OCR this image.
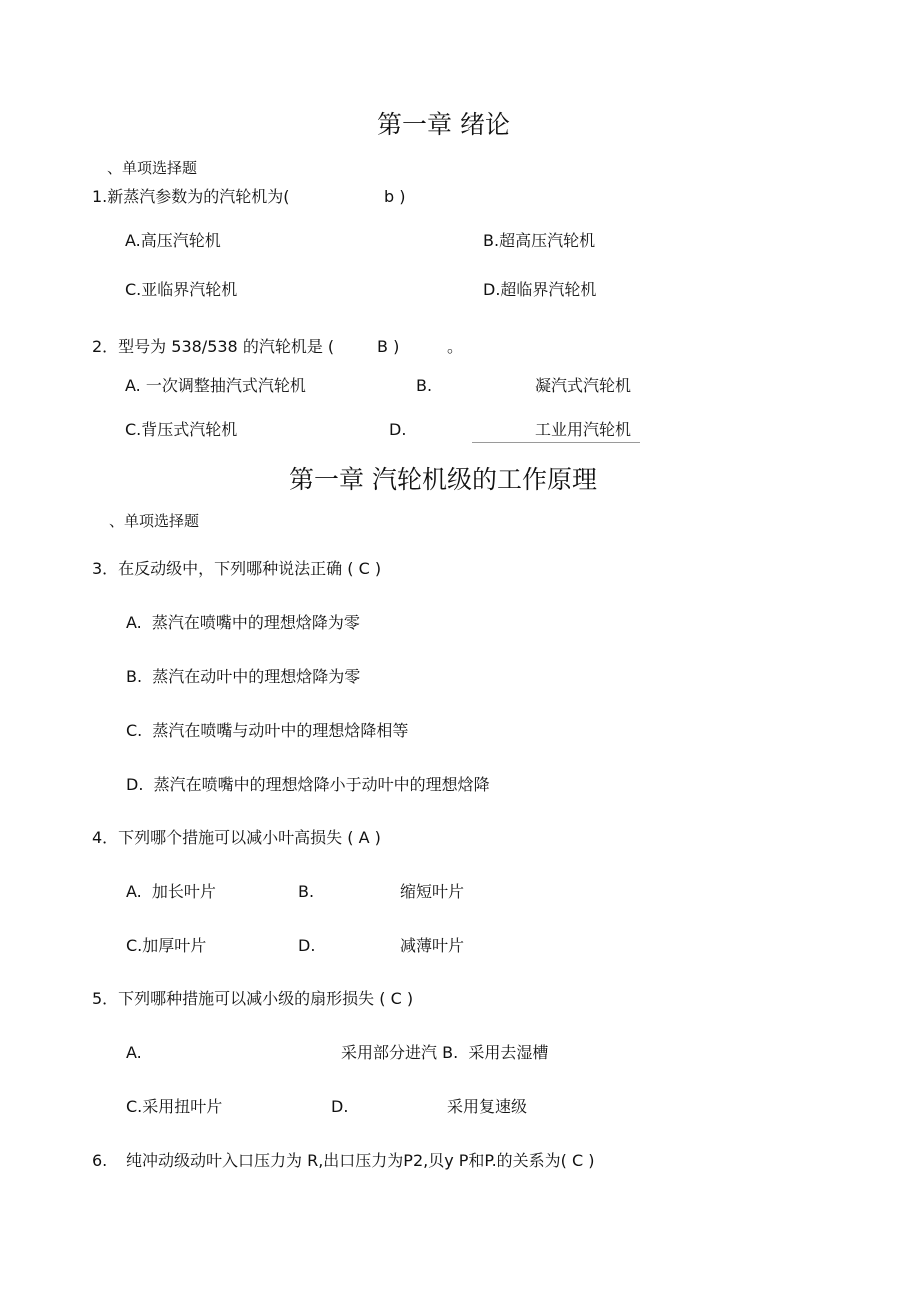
第一章 绪论
、单项选择题
1.新蒸汽参数为的汽轮机为(	b )
A.高压汽轮机	B.超高压汽轮机
C.亚临界汽轮机	D.超临界汽轮机
2．型号为 538/538 的汽轮机是 (	B )	。
A. 一次调整抽汽式汽轮机	B.	凝汽式汽轮机
C.背压式汽轮机	D.	工业用汽轮机
第一章 汽轮机级的工作原理
、单项选择题
3．在反动级中，下列哪种说法正确 ( C )
A.  蒸汽在喷嘴中的理想焓降为零
B.  蒸汽在动叶中的理想焓降为零
C.  蒸汽在喷嘴与动叶中的理想焓降相等
D.  蒸汽在喷嘴中的理想焓降小于动叶中的理想焓降
4．下列哪个措施可以减小叶高损失 ( A )
A.  加长叶片	B.	缩短叶片
C.加厚叶片	D.	减薄叶片
5．下列哪种措施可以减小级的扇形损失 ( C )
A.	采用部分进汽 B.  采用去湿槽
C.采用扭叶片	D.	采用复速级
6. 纯冲动级动叶入口压力为 R,出口压力为P2,贝y P和P.的关系为( C )
